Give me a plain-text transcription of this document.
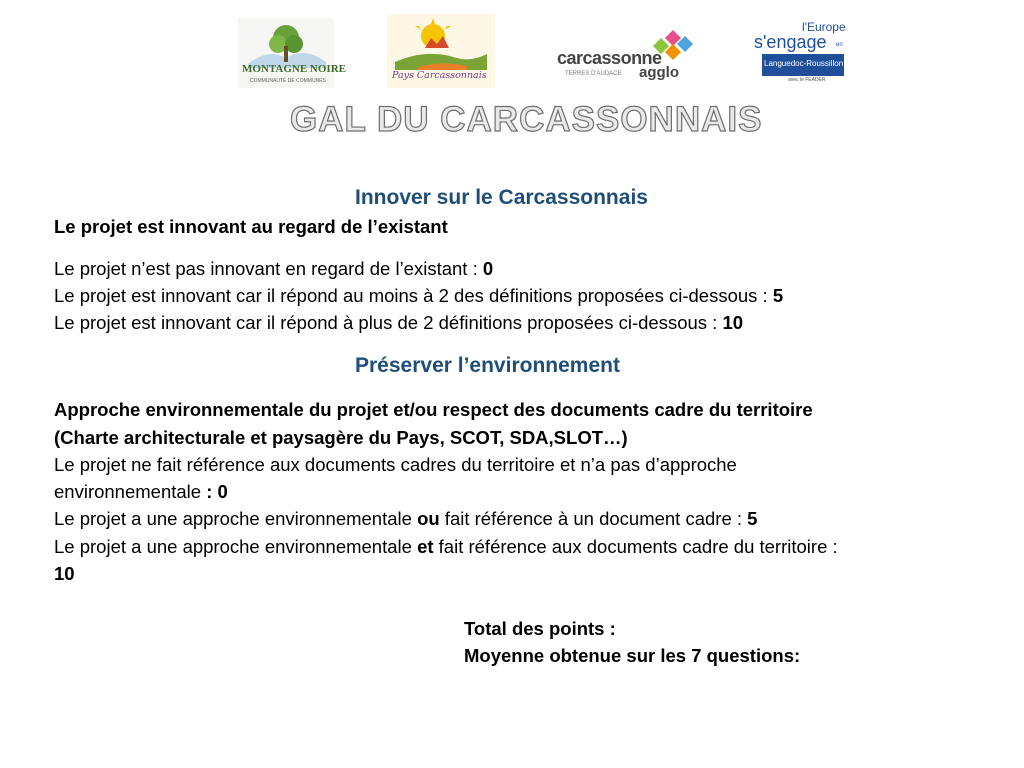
MONTAGNE NOIRE
COMMUNAUTÉ DE COMMUNES	Pays Carcassonnais
carcassonne
TERRES D'AUDACE agglo
l'Europe
s'engage en
Languedoc-Roussillon
avec le FEADER
GAL DU CARCASSONNAIS
Innover sur le Carcassonnais
Le projet est innovant au regard de l’existant
Le projet n’est pas innovant en regard de l’existant : 0
Le projet est innovant car il répond au moins à 2 des définitions proposées ci-dessous : 5
Le projet est innovant car il répond à plus de 2 définitions proposées ci-dessous : 10
Préserver l’environnement
Approche environnementale du projet et/ou respect des documents cadre du territoire
(Charte architecturale et paysagère du Pays, SCOT, SDA,SLOT…)
Le projet ne fait référence aux documents cadres du territoire et n’a pas d’approche
environnementale : 0
Le projet a une approche environnementale ou fait référence à un document cadre : 5
Le projet a une approche environnementale et fait référence aux documents cadre du territoire :
10
Total des points :
Moyenne obtenue sur les 7 questions:
